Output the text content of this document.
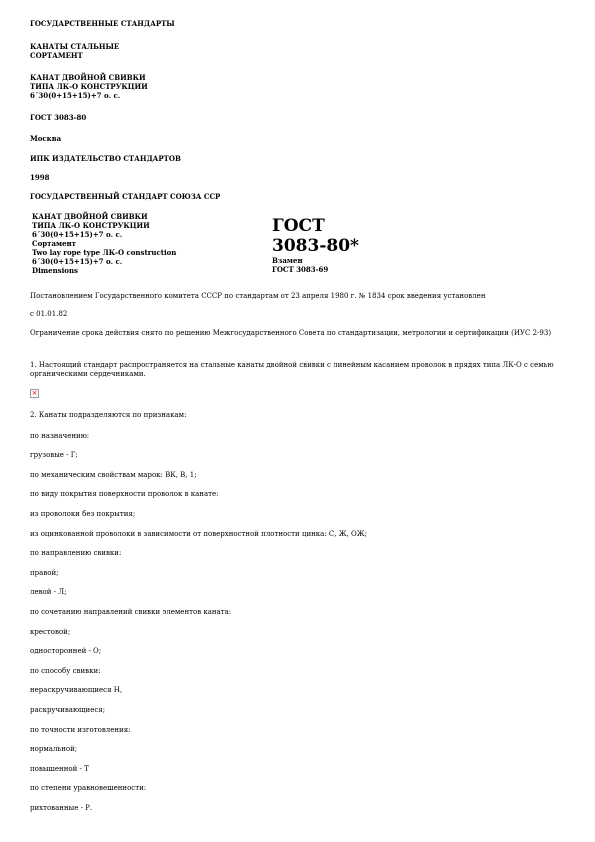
ГОСУДАРСТВЕННЫЕ СТАНДАРТЫ

КАНАТЫ СТАЛЬНЫЕ
СОРТАМЕНТ

КАНАТ ДВОЙНОЙ СВИВКИ
ТИПА ЛК-О КОНСТРУКЦИИ
6´30(0+15+15)+7 о. с.

ГОСТ 3083-80

Москва

ИПК ИЗДАТЕЛЬСТВО СТАНДАРТОВ

1998

ГОСУДАРСТВЕННЫЙ СТАНДАРТ СОЮЗА ССР

КАНАТ ДВОЙНОЙ СВИВКИ
ТИПА ЛК-О КОНСТРУКЦИИ
6´30(0+15+15)+7 о. с.
Сортамент
Two lay rope type ЛК-О construction
6´30(0+15+15)+7 о. с.
Dimensions

ГОСТ
3083-80*
Взамен
ГОСТ 3083-69

Постановлением Государственного комитета СССР по стандартам от 23 апреля 1980 г. № 1834 срок введения установлен

с 01.01.82

Ограничение срока действия снято по решению Межгосударственного Совета по стандартизации, метрологии и сертификации (ИУС 2-93)

1. Настоящий стандарт распространяется на стальные канаты двойной свивки с линейным касанием проволок в прядях типа ЛК-О с семью органическими сердечниками.

×

2. Канаты подразделяются по признакам:

по назначению:

грузовые - Г;

по механическим свойствам марок: ВК, В, 1;

по виду покрытия поверхности проволок в канате:

из проволоки без покрытия;

из оцинкованной проволоки в зависимости от поверхностной плотности цинка: С, Ж, ОЖ;

по направлению свивки:

правой;

левой - Л;

по сочетанию направлений свивки элементов каната:

крестовой;

односторонней - О;

по способу свивки:

нераскручивающиеся Н,

раскручивающиеся;

по точности изготовления:

нормальной;

повышенной - Т

по степени уравновешенности:

рихтованные - Р.
